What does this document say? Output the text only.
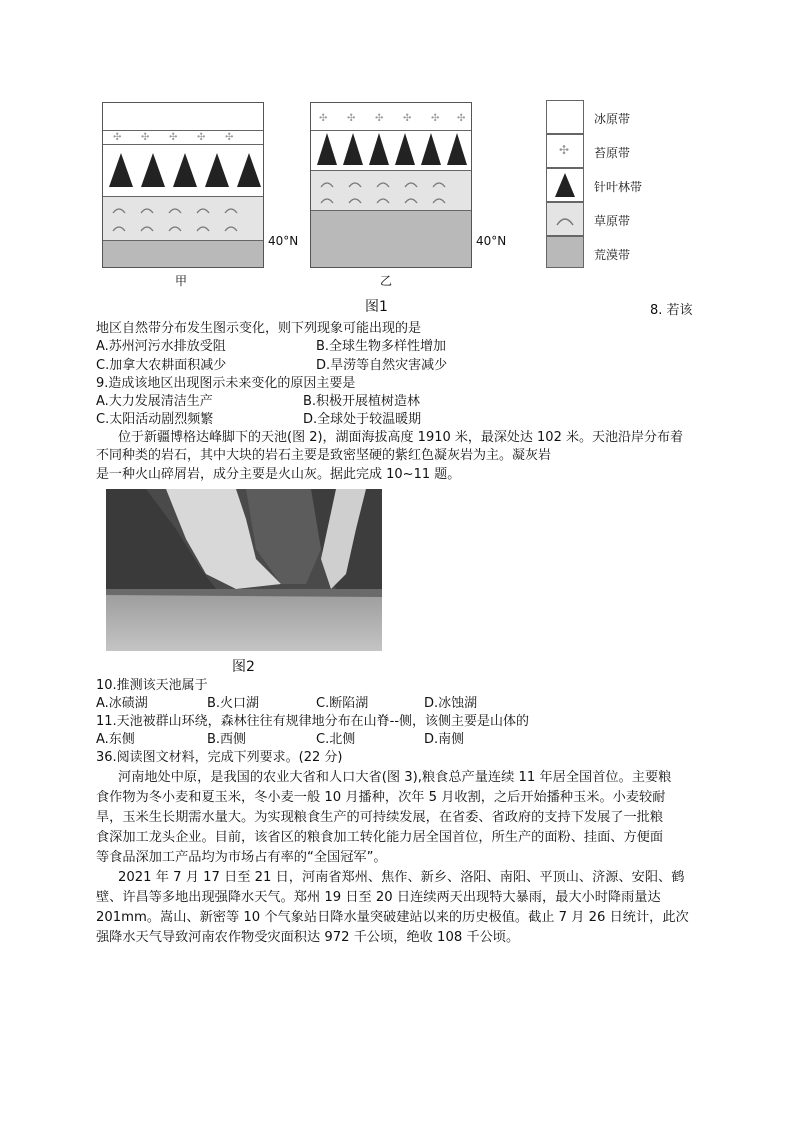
✣ ✣ ✣ ✣ ✣
40°N
甲
✣ ✣ ✣ ✣ ✣ ✣
40°N
乙
✣
冰原带
苔原带
针叶林带
草原带
荒漠带
图1	8. 若该
地区自然带分布发生图示变化，则下列现象可能出现的是
A.苏州河污水排放受阻	B.全球生物多样性增加
C.加拿大农耕面积减少	D.旱涝等自然灾害减少
9.造成该地区出现图示未来变化的原因主要是
A.大力发展清洁生产	B.积极开展植树造林
C.太阳活动剧烈频繁	D.全球处于较温暖期
位于新疆博格达峰脚下的天池(图 2)，湖面海拔高度 1910 米，最深处达 102 米。天池沿岸分布着
不同种类的岩石，其中大块的岩石主要是致密坚硬的紫红色凝灰岩为主。凝灰岩
是一种火山碎屑岩，成分主要是火山灰。据此完成 10~11 题。
图2
10.推测该天池属于
A.冰碛湖	B.火口湖	C.断陷湖	D.冰蚀湖
11.天池被群山环绕，森林往往有规律地分布在山脊--侧，该侧主要是山体的
A.东侧	B.西侧	C.北侧	D.南侧
36.阅读图文材料，完成下列要求。(22 分)
河南地处中原，是我国的农业大省和人口大省(图 3),粮食总产量连续 11 年居全国首位。主要粮
食作物为冬小麦和夏玉米，冬小麦一般 10 月播种，次年 5 月收割，之后开始播种玉米。小麦较耐
旱，玉米生长期需水量大。为实现粮食生产的可持续发展，在省委、省政府的支持下发展了一批粮
食深加工龙头企业。目前，该省区的粮食加工转化能力居全国首位，所生产的面粉、挂面、方便面
等食品深加工产品均为市场占有率的“全国冠军”。
2021 年 7 月 17 日至 21 日，河南省郑州、焦作、新乡、洛阳、南阳、平顶山、济源、安阳、鹤
壁、许昌等多地出现强降水天气。郑州 19 日至 20 日连续两天出现特大暴雨，最大小时降雨量达
201mm。嵩山、新密等 10 个气象站日降水量突破建站以来的历史极值。截止 7 月 26 日统计，此次
强降水天气导致河南农作物受灾面积达 972 千公顷，绝收 108 千公顷。
